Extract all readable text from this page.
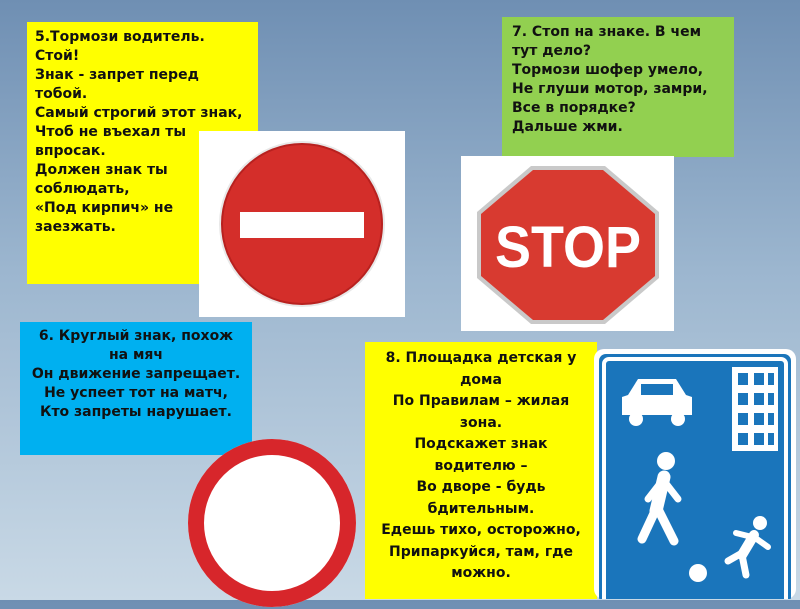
5.Тормози водитель.
Стой!
Знак - запрет перед тобой.
Самый строгий этот знак,
Чтоб не въехал ты впросак.
Должен знак ты соблюдать,
«Под кирпич» не заезжать.
7. Стоп на знаке. В чем тут дело?
Тормози шофер умело,
Не глуши мотор, замри,
Все в порядке?
Дальше жми.
STOP
6. Круглый знак, похож на мяч
Он движение запрещает.
Не успеет тот на матч,
Кто запреты нарушает.
8. Площадка детская у дома
По Правилам – жилая зона.
Подскажет знак водителю –
Во дворе - будь бдительным.
Едешь тихо, осторожно,
Припаркуйся, там, где
можно.
